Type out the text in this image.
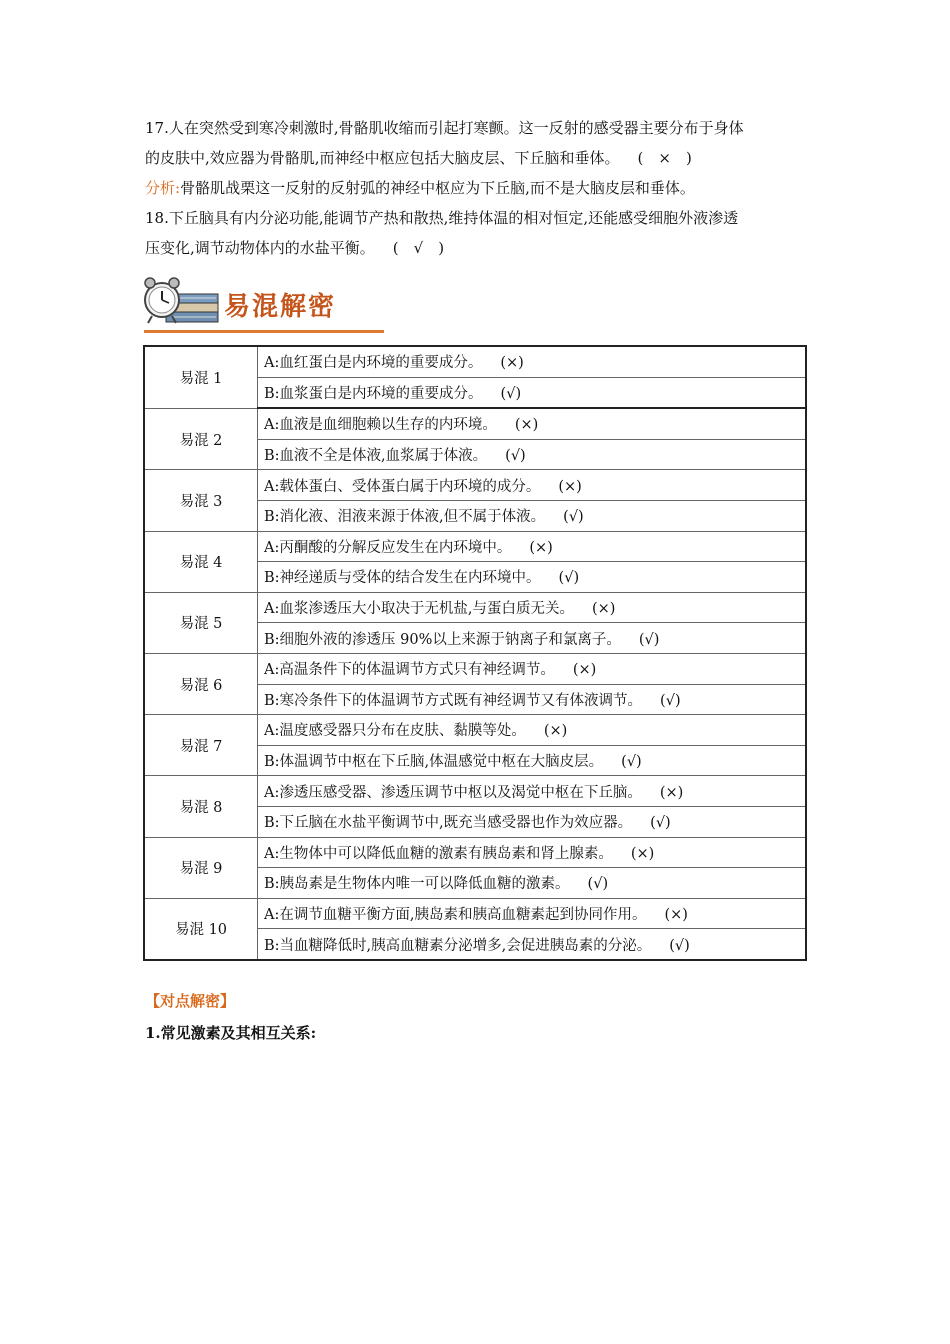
17.人在突然受到寒冷刺激时,骨骼肌收缩而引起打寒颤。这一反射的感受器主要分布于身体
的皮肤中,效应器为骨骼肌,而神经中枢应包括大脑皮层、下丘脑和垂体。 (　×　)
分析:骨骼肌战栗这一反射的反射弧的神经中枢应为下丘脑,而不是大脑皮层和垂体。
18.下丘脑具有内分泌功能,能调节产热和散热,维持体温的相对恒定,还能感受细胞外液渗透
压变化,调节动物体内的水盐平衡。 (　√　)
易混解密
易混 1	A:血红蛋白是内环境的重要成分。 (×)
	B:血浆蛋白是内环境的重要成分。 (√)
易混 2	A:血液是血细胞赖以生存的内环境。 (×)
	B:血液不全是体液,血浆属于体液。 (√)
易混 3	A:载体蛋白、受体蛋白属于内环境的成分。 (×)
	B:消化液、泪液来源于体液,但不属于体液。 (√)
易混 4	A:丙酮酸的分解反应发生在内环境中。 (×)
	B:神经递质与受体的结合发生在内环境中。 (√)
易混 5	A:血浆渗透压大小取决于无机盐,与蛋白质无关。 (×)
	B:细胞外液的渗透压 90%以上来源于钠离子和氯离子。 (√)
易混 6	A:高温条件下的体温调节方式只有神经调节。 (×)
	B:寒冷条件下的体温调节方式既有神经调节又有体液调节。 (√)
易混 7	A:温度感受器只分布在皮肤、黏膜等处。 (×)
	B:体温调节中枢在下丘脑,体温感觉中枢在大脑皮层。 (√)
易混 8	A:渗透压感受器、渗透压调节中枢以及渴觉中枢在下丘脑。 (×)
	B:下丘脑在水盐平衡调节中,既充当感受器也作为效应器。 (√)
易混 9	A:生物体中可以降低血糖的激素有胰岛素和肾上腺素。 (×)
	B:胰岛素是生物体内唯一可以降低血糖的激素。 (√)
易混 10	A:在调节血糖平衡方面,胰岛素和胰高血糖素起到协同作用。 (×)
	B:当血糖降低时,胰高血糖素分泌增多,会促进胰岛素的分泌。 (√)
【对点解密】
1.常见激素及其相互关系:
